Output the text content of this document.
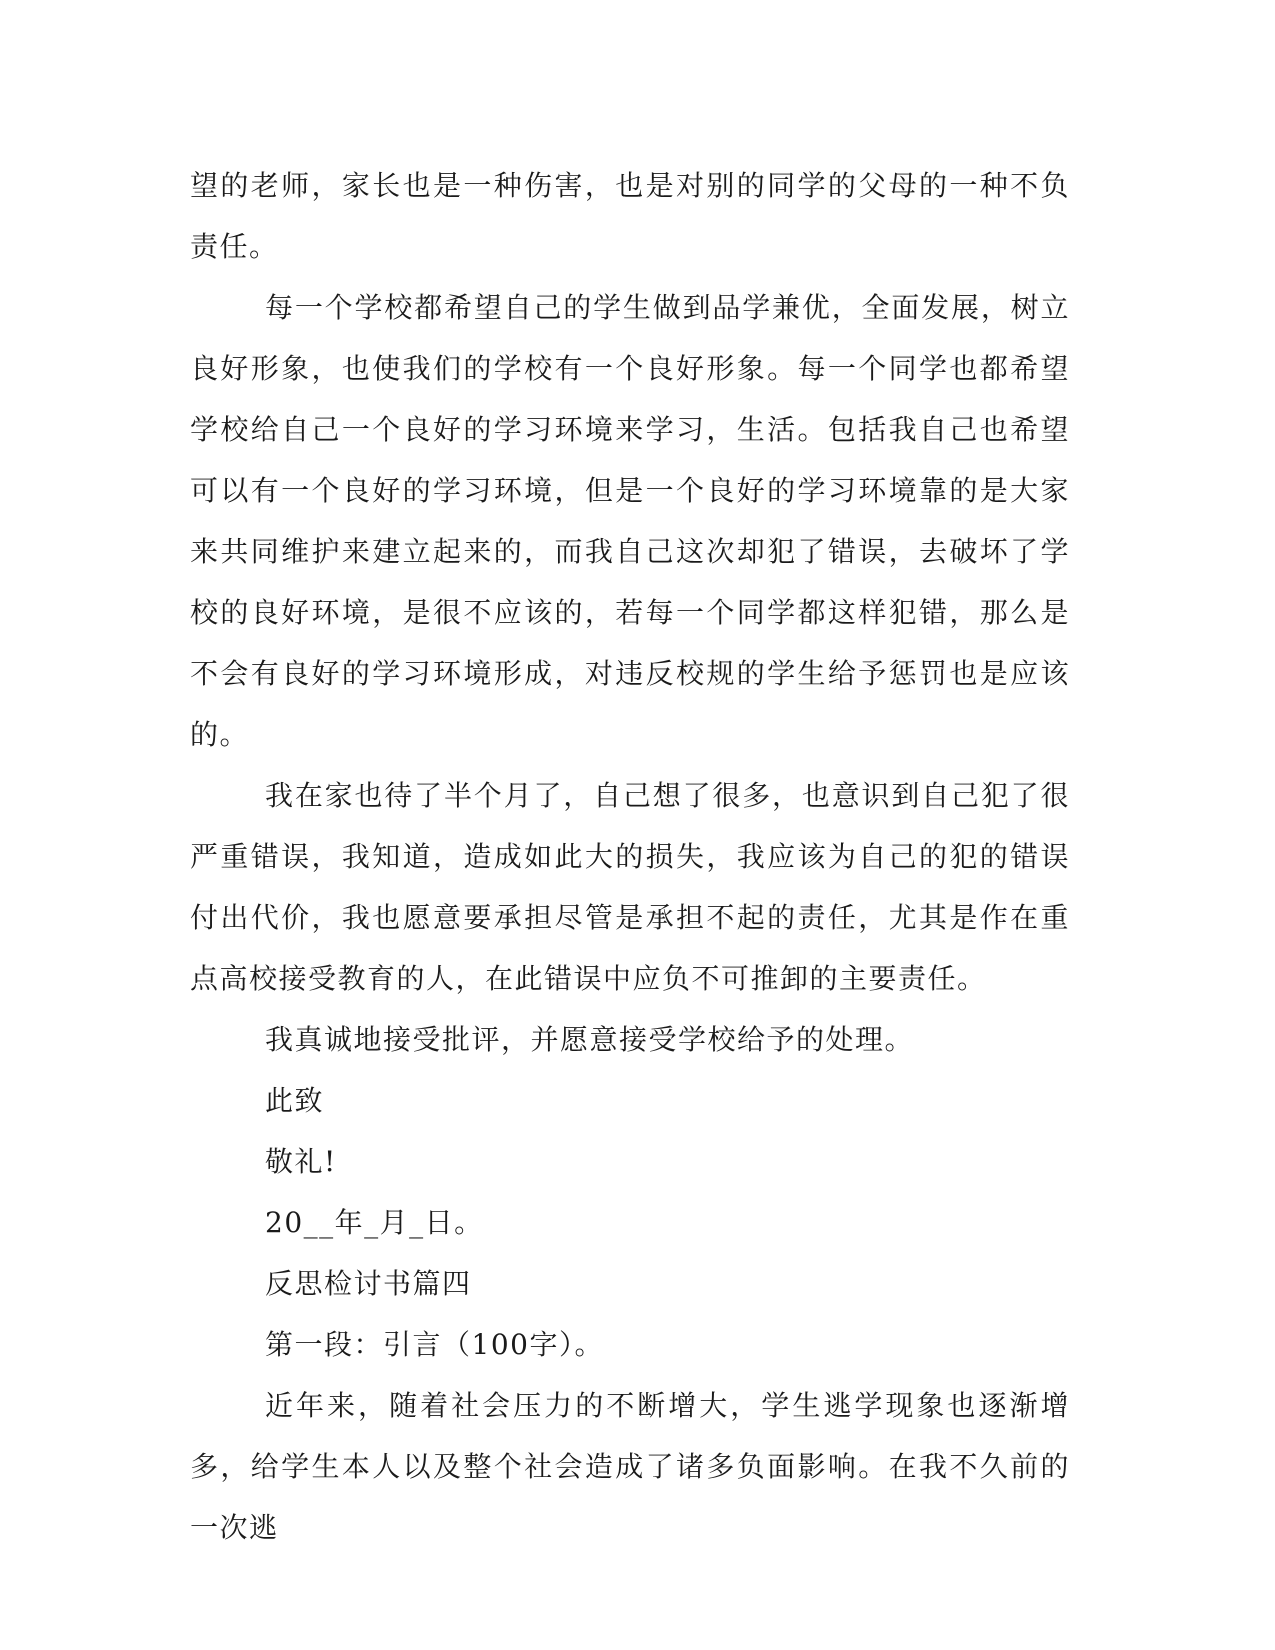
望的老师，家长也是一种伤害，也是对别的同学的父母的一种不负责任。

每一个学校都希望自己的学生做到品学兼优，全面发展，树立良好形象，也使我们的学校有一个良好形象。每一个同学也都希望学校给自己一个良好的学习环境来学习，生活。包括我自己也希望可以有一个良好的学习环境，但是一个良好的学习环境靠的是大家来共同维护来建立起来的，而我自己这次却犯了错误，去破坏了学校的良好环境，是很不应该的，若每一个同学都这样犯错，那么是不会有良好的学习环境形成，对违反校规的学生给予惩罚也是应该的。

我在家也待了半个月了，自己想了很多，也意识到自己犯了很严重错误，我知道，造成如此大的损失，我应该为自己的犯的错误付出代价，我也愿意要承担尽管是承担不起的责任，尤其是作在重点高校接受教育的人，在此错误中应负不可推卸的主要责任。

我真诚地接受批评，并愿意接受学校给予的处理。

此致

敬礼!

20__年_月_日。

反思检讨书篇四

第一段：引言（100字）。

近年来，随着社会压力的不断增大，学生逃学现象也逐渐增多，给学生本人以及整个社会造成了诸多负面影响。在我不久前的一次逃
